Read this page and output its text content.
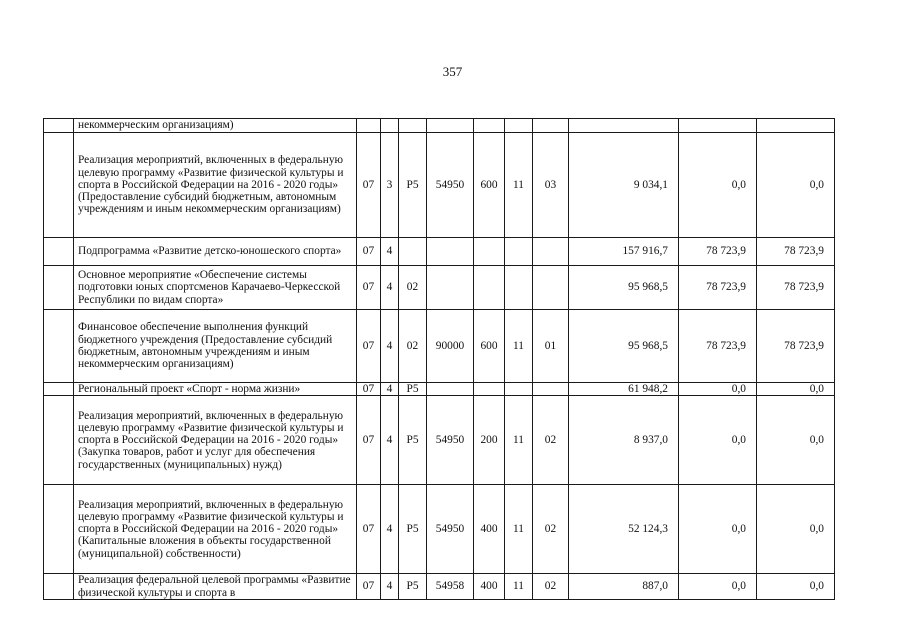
357
	некоммерческим организациям)										
	Реализация мероприятий, включенных в федеральную целевую программу «Развитие физической культуры и спорта в Российской Федерации на 2016 - 2020 годы» (Предоставление субсидий бюджетным, автономным учреждениям и иным некоммерческим организациям)	07	3	P5	54950	600	11	03	9 034,1	0,0	0,0
	Подпрограмма «Развитие детско-юношеского спорта»	07	4						157 916,7	78 723,9	78 723,9
	Основное мероприятие «Обеспечение системы подготовки юных спортсменов Карачаево-Черкесской Республики по видам спорта»	07	4	02					95 968,5	78 723,9	78 723,9
	Финансовое обеспечение выполнения функций бюджетного учреждения (Предоставление субсидий бюджетным, автономным учреждениям и иным некоммерческим организациям)	07	4	02	90000	600	11	01	95 968,5	78 723,9	78 723,9
	Региональный проект «Спорт - норма жизни»	07	4	P5					61 948,2	0,0	0,0
	Реализация мероприятий, включенных в федеральную целевую программу «Развитие физической культуры и спорта в Российской Федерации на 2016 - 2020 годы» (Закупка товаров, работ и услуг для обеспечения государственных (муниципальных) нужд)	07	4	P5	54950	200	11	02	8 937,0	0,0	0,0
	Реализация мероприятий, включенных в федеральную целевую программу «Развитие физической культуры и спорта в Российской Федерации на 2016 - 2020 годы» (Капитальные вложения в объекты государственной (муниципальной) собственности)	07	4	P5	54950	400	11	02	52 124,3	0,0	0,0
	Реализация федеральной целевой программы «Развитие физической культуры и спорта в	07	4	P5	54958	400	11	02	887,0	0,0	0,0
